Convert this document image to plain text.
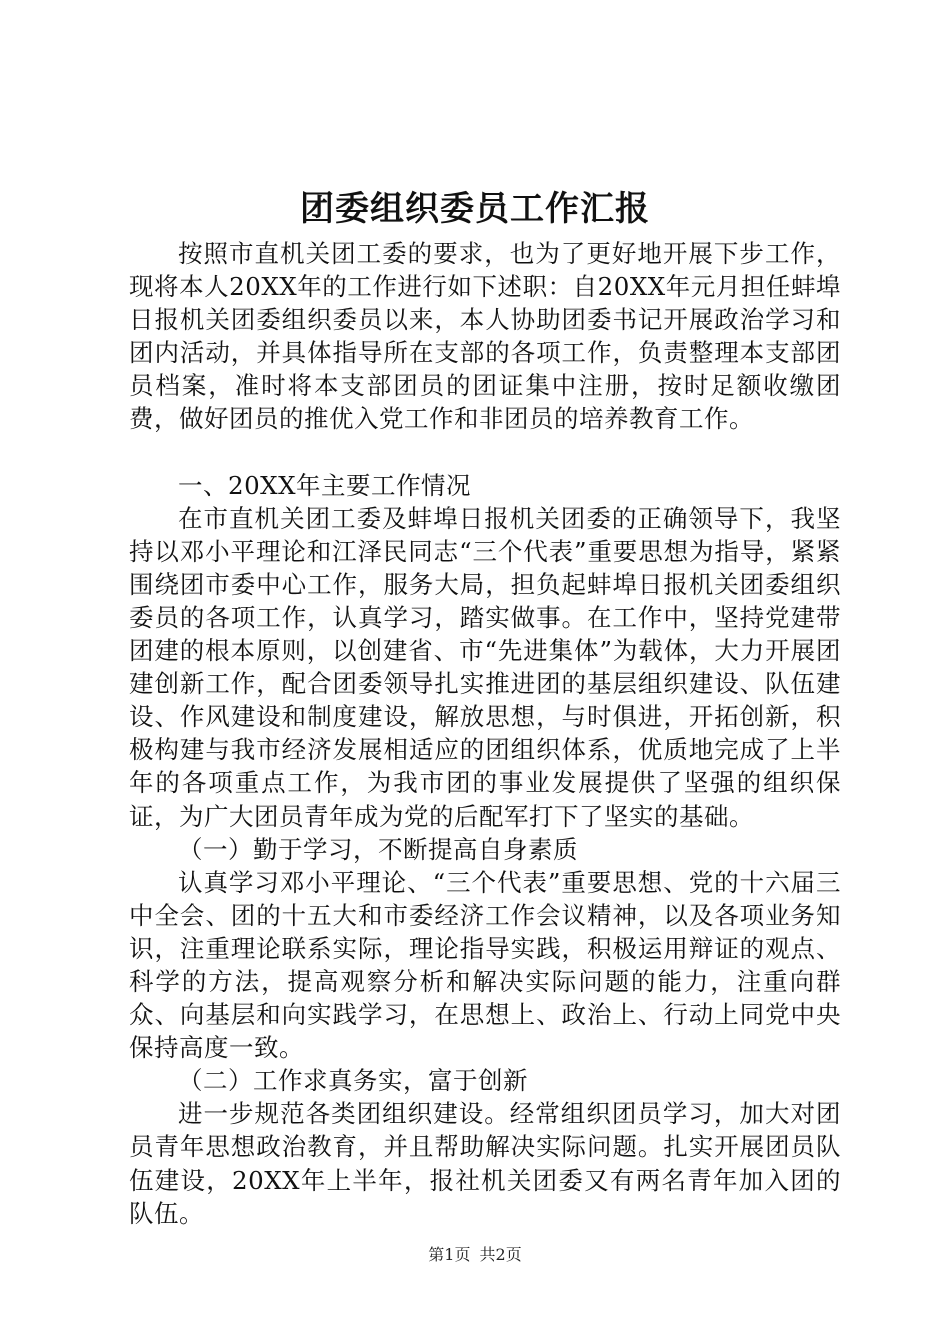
团委组织委员工作汇报

按照市直机关团工委的要求，也为了更好地开展下步工作，现将本人20XX年的工作进行如下述职：自20XX年元月担任蚌埠日报机关团委组织委员以来，本人协助团委书记开展政治学习和团内活动，并具体指导所在支部的各项工作，负责整理本支部团员档案，准时将本支部团员的团证集中注册，按时足额收缴团费，做好团员的推优入党工作和非团员的培养教育工作。

一、20XX年主要工作情况

在市直机关团工委及蚌埠日报机关团委的正确领导下，我坚持以邓小平理论和江泽民同志“三个代表”重要思想为指导，紧紧围绕团市委中心工作，服务大局，担负起蚌埠日报机关团委组织委员的各项工作，认真学习，踏实做事。在工作中，坚持党建带团建的根本原则，以创建省、市“先进集体”为载体，大力开展团建创新工作，配合团委领导扎实推进团的基层组织建设、队伍建设、作风建设和制度建设，解放思想，与时俱进，开拓创新，积极构建与我市经济发展相适应的团组织体系，优质地完成了上半年的各项重点工作，为我市团的事业发展提供了坚强的组织保证，为广大团员青年成为党的后配军打下了坚实的基础。

（一）勤于学习，不断提高自身素质

认真学习邓小平理论、“三个代表”重要思想、党的十六届三中全会、团的十五大和市委经济工作会议精神，以及各项业务知识，注重理论联系实际，理论指导实践，积极运用辩证的观点、科学的方法，提高观察分析和解决实际问题的能力，注重向群众、向基层和向实践学习，在思想上、政治上、行动上同党中央保持高度一致。

（二）工作求真务实，富于创新

进一步规范各类团组织建设。经常组织团员学习，加大对团员青年思想政治教育，并且帮助解决实际问题。扎实开展团员队伍建设，20XX年上半年，报社机关团委又有两名青年加入团的队伍。

第1页 共2页
